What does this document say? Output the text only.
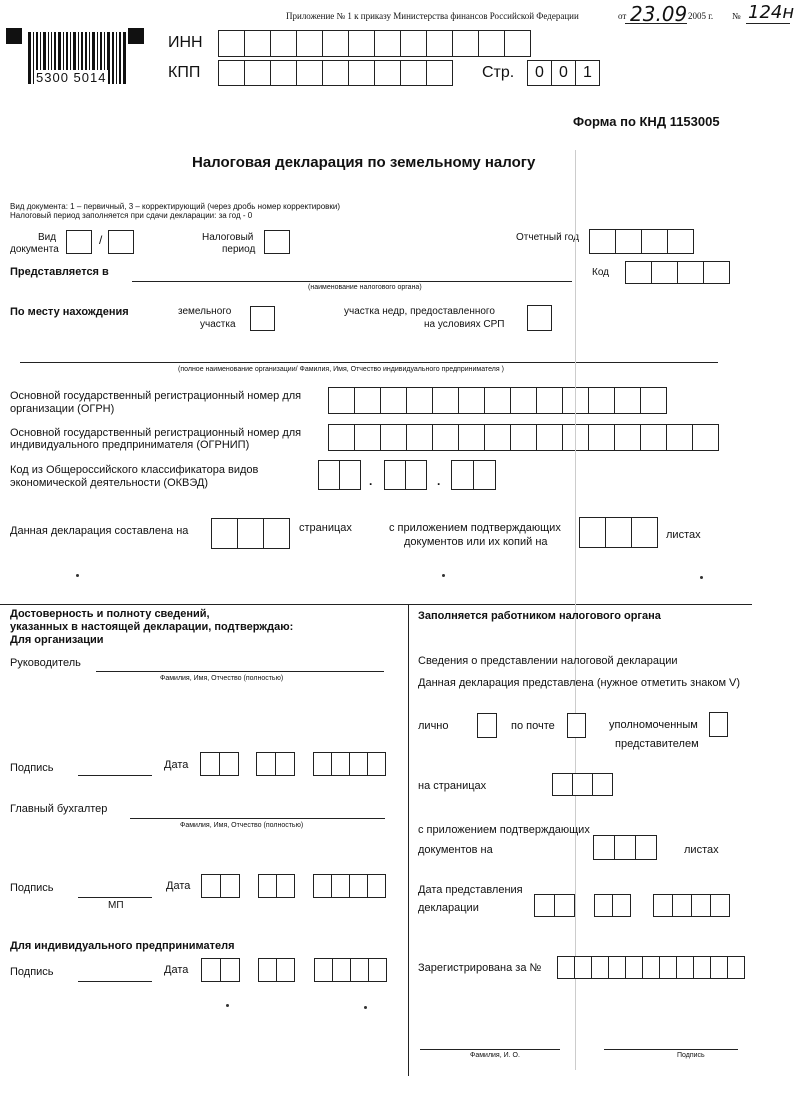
Приложение № 1 к приказу Министерства финансов Российской Федерации	от 23.09 2005 г. № 124н
5300 5014
ИНН
КПП	Стр.	0 0 1
Форма по КНД 1153005
Налоговая декларация по земельному налогу
Вид документа: 1 – первичный, 3 – корректирующий (через дробь номер корректировки)
Налоговый период заполняется при сдачи декларации: за год - 0
Вид
документа
/	Налоговый
период
Отчетный год
Представляется в
(наименование налогового органа)
Код
По месту нахождения	земельного
участка
участка недр, предоставленного
на условиях СРП
(полное наименование организации/ Фамилия, Имя, Отчество индивидуального предпринимателя )
Основной государственный регистрационный номер для
организации (ОГРН)
Основной государственный регистрационный номер для
индивидуального предпринимателя (ОГРНИП)
Код из Общероссийского классификатора видов
экономической деятельности (ОКВЭД)	.	.
Данная декларация составлена на	страницах	с приложением подтверждающих
документов или их копий на
листах
Достоверность и полноту сведений,
указанных в настоящей декларации, подтверждаю:
Для организации
Руководитель
Фамилия, Имя, Отчество (полностью)
Подпись	Дата
Главный бухгалтер
Фамилия, Имя, Отчество (полностью)
Подпись
МП
Дата
Для индивидуального предпринимателя
Подпись	Дата
Заполняется работником налогового органа
Сведения о представлении налоговой декларации
Данная декларация представлена (нужное отметить знаком V)
лично	по почте	уполномоченным
представителем
на страницах
с приложением подтверждающих
документов на	листах
Дата представления
декларации
Зарегистрирована за №
Фамилия, И. О.	Подпись
